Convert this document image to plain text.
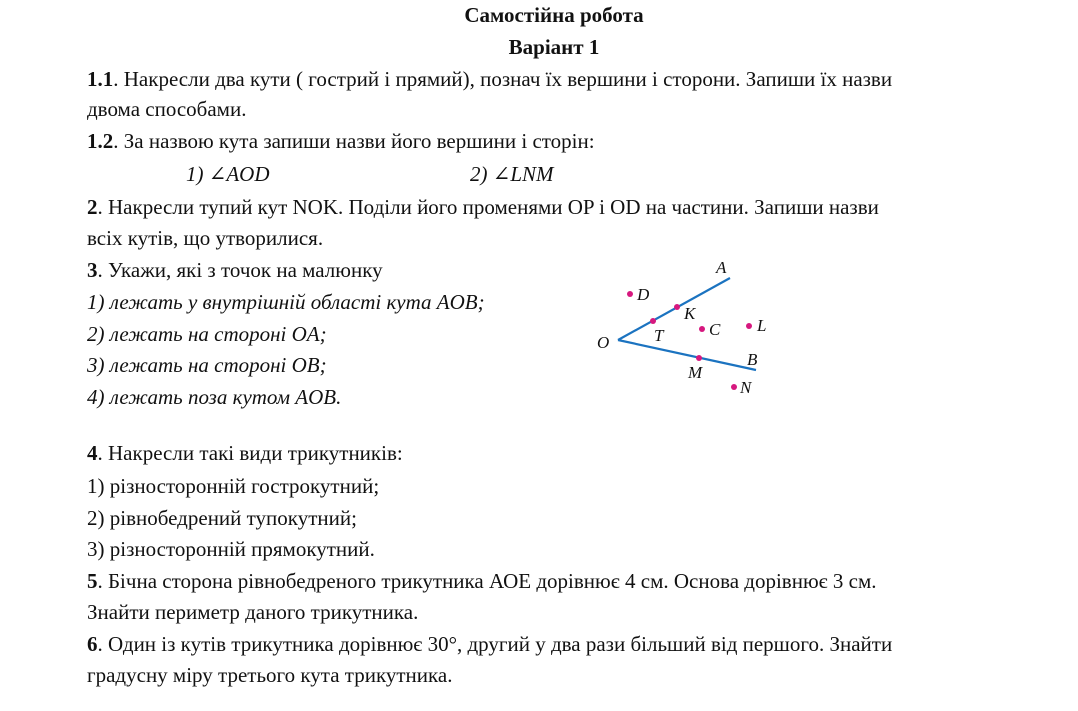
Самостійна робота
Варіант 1
1.1. Накресли два кути ( гострий і прямий), познач їх вершини і сторони. Запиши їх назви
двома способами.
1.2. За назвою кута запиши назви його вершини і сторін:
1) ∠AOD	2) ∠LNM
2. Накресли тупий кут NOK. Поділи його променями OP і OD на частини. Запиши назви
всіх кутів, що утворилися.
3. Укажи, які з точок на малюнку
1) лежать у внутрішній області кута AOB;
2) лежать на стороні OA;
3) лежать на стороні OB;
4) лежать поза кутом AOB.
A
D
K
C L
T
O
B
M
N
4. Накресли такі види трикутників:
1) різносторонній гострокутний;
2) рівнобедрений тупокутний;
3) різносторонній прямокутний.
5. Бічна сторона рівнобедреного трикутника АОЕ дорівнює 4 см. Основа дорівнює 3 см.
Знайти периметр даного трикутника.
6. Один із кутів трикутника дорівнює 30°, другий у два рази більший від першого. Знайти
градусну міру третього кута трикутника.
